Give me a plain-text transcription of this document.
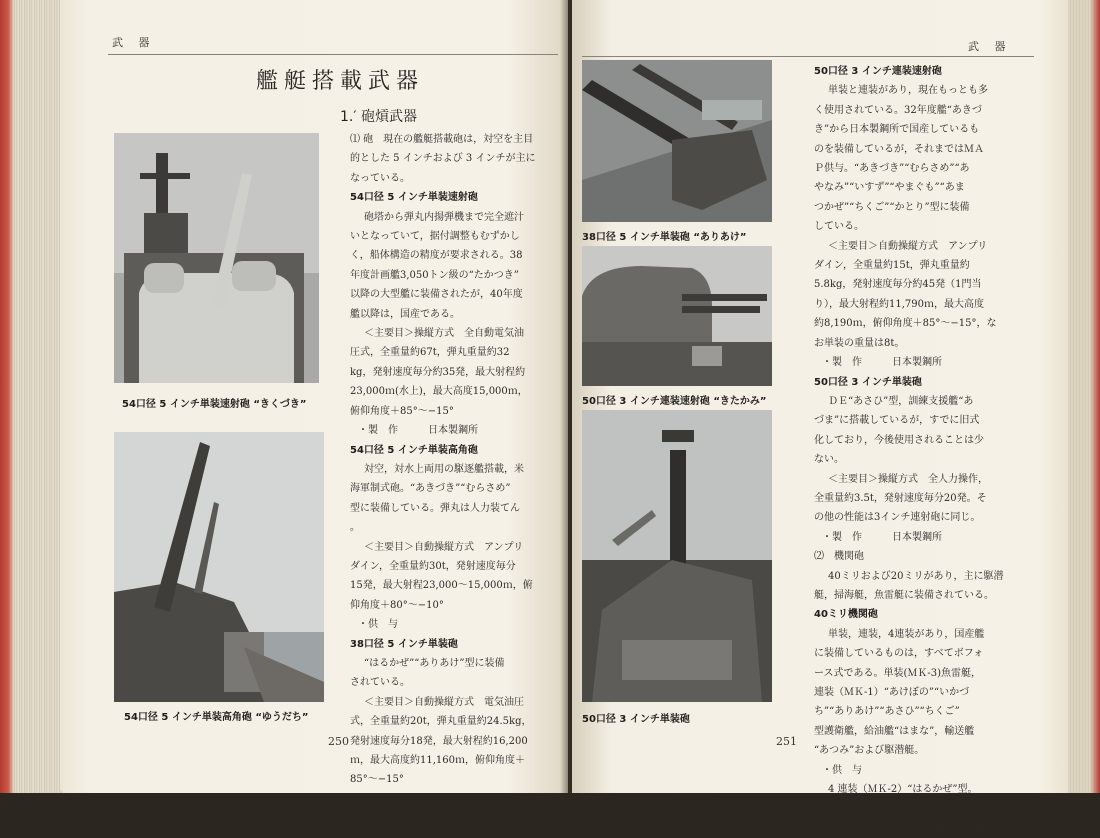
武 器
艦艇搭載武器
1.′ 砲熕武器
54口径 5 インチ単装速射砲 “きくづき”
54口径 5 インチ単装高角砲 “ゆうだち”
⑴ 砲　現在の艦艇搭載砲は，対空を主目
的とした 5 インチおよび 3 インチが主に
なっている。
54口径 5 インチ単装速射砲
砲塔から弾丸内揚弾機まで完全遮汁
いとなっていて，据付調整もむずかし
く，船体構造の精度が要求される。38
年度計画艦3,050トン級の“たかつき”
以降の大型艦に装備されたが，40年度
艦以降は，国産である。
＜主要目＞操縦方式　全自動電気油
圧式，全重量約67t，弾丸重量約32
kg，発射速度毎分約35発，最大射程約
23,000ｍ(水上)，最大高度15,000ｍ，
俯仰角度＋85°〜−15°
・製　作　　　日本製鋼所
54口径 5 インチ単装高角砲
対空，対水上両用の駆逐艦搭載，米
海軍制式砲。“あきづき”“むらさめ”
型に装備している。弾丸は人力装てん
。
＜主要目＞自動操縦方式　アンプリ
ダイン，全重量約30t，発射速度毎分
15発，最大射程23,000〜15,000ｍ，俯
仰角度＋80°〜−10°
・供　与
38口径 5 インチ単装砲
“はるかぜ”“ありあけ”型に装備
されている。
＜主要目＞自動操縦方式　電気油圧
式，全重量約20t，弾丸重量約24.5kg，
発射速度毎分18発，最大射程約16,200
ｍ，最大高度約11,160ｍ，俯仰角度＋
85°〜−15°
・供　与
250
武 器
38口径 5 インチ単装砲 “ありあけ”
50口径 3 インチ連装速射砲 “きたかみ”
50口径 3 インチ単装砲
50口径 3 インチ連装速射砲
単装と連装があり，現在もっとも多
く使用されている。32年度艦“あきづ
き”から日本製鋼所で国産しているも
のを装備しているが，それまではＭＡ
Ｐ供与。“あきづき”“むらさめ”“あ
やなみ”“いすず”“やまぐも”“あま
つかぜ”“ちくご”“かとり”型に装備
している。
＜主要目＞自動操縦方式　アンプリ
ダイン，全重量約15t，弾丸重量約
5.8kg，発射速度毎分約45発（1門当
り），最大射程約11,790ｍ，最大高度
約8,190ｍ，俯仰角度＋85°〜−15°，な
お単装の重量は8t。
・製　作　　　日本製鋼所
50口径 3 インチ単装砲
ＤＥ“あさひ”型，訓練支援艦“あ
づま”に搭載しているが，すでに旧式
化しており，今後使用されることは少
ない。
＜主要目＞操縦方式　全人力操作，
全重量約3.5t，発射速度毎分20発。そ
の他の性能は3インチ連射砲に同じ。
・製　作　　　日本製鋼所
⑵　機関砲
40ミリおよび20ミリがあり，主に駆潜
艇，掃海艇，魚雷艇に装備されている。
40ミリ機関砲
単装，連装，4連装があり，国産艦
に装備しているものは，すべてボフォ
ース式である。単装(ＭＫ-3)魚雷艇，
連装（ＭＫ-1）“あけぼの”“いかづ
ち”“ありあけ”“あさひ”“ちくご”
型護衛艦，給油艦“はまな”，輸送艦
“あつみ”および駆潜艇。
・供　与
4 連装（ＭＫ-2）“はるかぜ”型。
＜主要目＞操縦方式　電動油圧また
はアンプリダイン，口径長56，発射速
251
